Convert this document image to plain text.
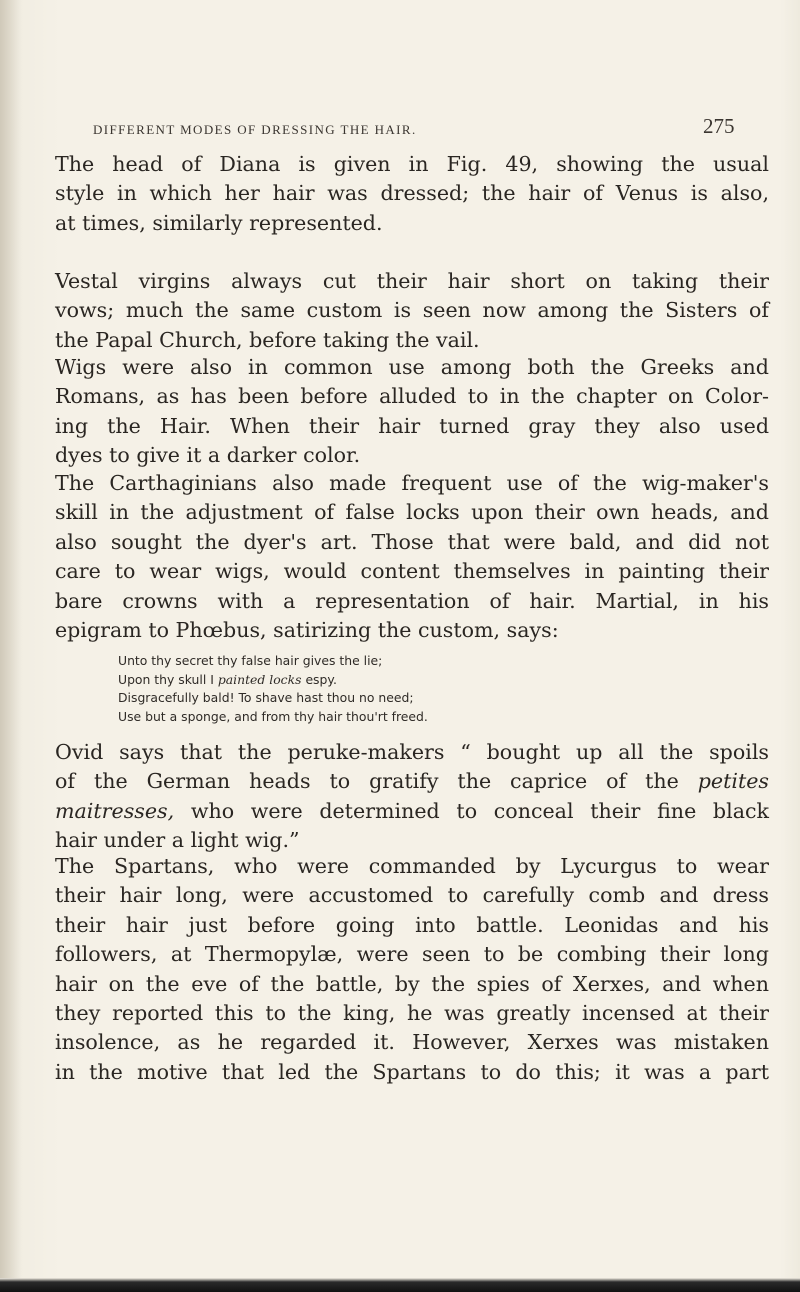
DIFFERENT MODES OF DRESSING THE HAIR.	275
The head of Diana is given in Fig. 49, showing the usual
style in which her hair was dressed; the hair of Venus is also,
at times, similarly represented.
Vestal virgins always cut their hair short on taking their
vows; much the same custom is seen now among the Sisters of
the Papal Church, before taking the vail.
Wigs were also in common use among both the Greeks and
Romans, as has been before alluded to in the chapter on Color-
ing the Hair. When their hair turned gray they also used
dyes to give it a darker color.
The Carthaginians also made frequent use of the wig-maker's
skill in the adjustment of false locks upon their own heads, and
also sought the dyer's art. Those that were bald, and did not
care to wear wigs, would content themselves in painting their
bare crowns with a representation of hair. Martial, in his
epigram to Phœbus, satirizing the custom, says:
Unto thy secret thy false hair gives the lie;
Upon thy skull I painted locks espy.
Disgracefully bald! To shave hast thou no need;
Use but a sponge, and from thy hair thou'rt freed.
Ovid says that the peruke-makers “ bought up all the spoils
of the German heads to gratify the caprice of the petites
maitresses, who were determined to conceal their fine black
hair under a light wig.”
The Spartans, who were commanded by Lycurgus to wear
their hair long, were accustomed to carefully comb and dress
their hair just before going into battle. Leonidas and his
followers, at Thermopylæ, were seen to be combing their long
hair on the eve of the battle, by the spies of Xerxes, and when
they reported this to the king, he was greatly incensed at their
insolence, as he regarded it. However, Xerxes was mistaken
in the motive that led the Spartans to do this; it was a part
